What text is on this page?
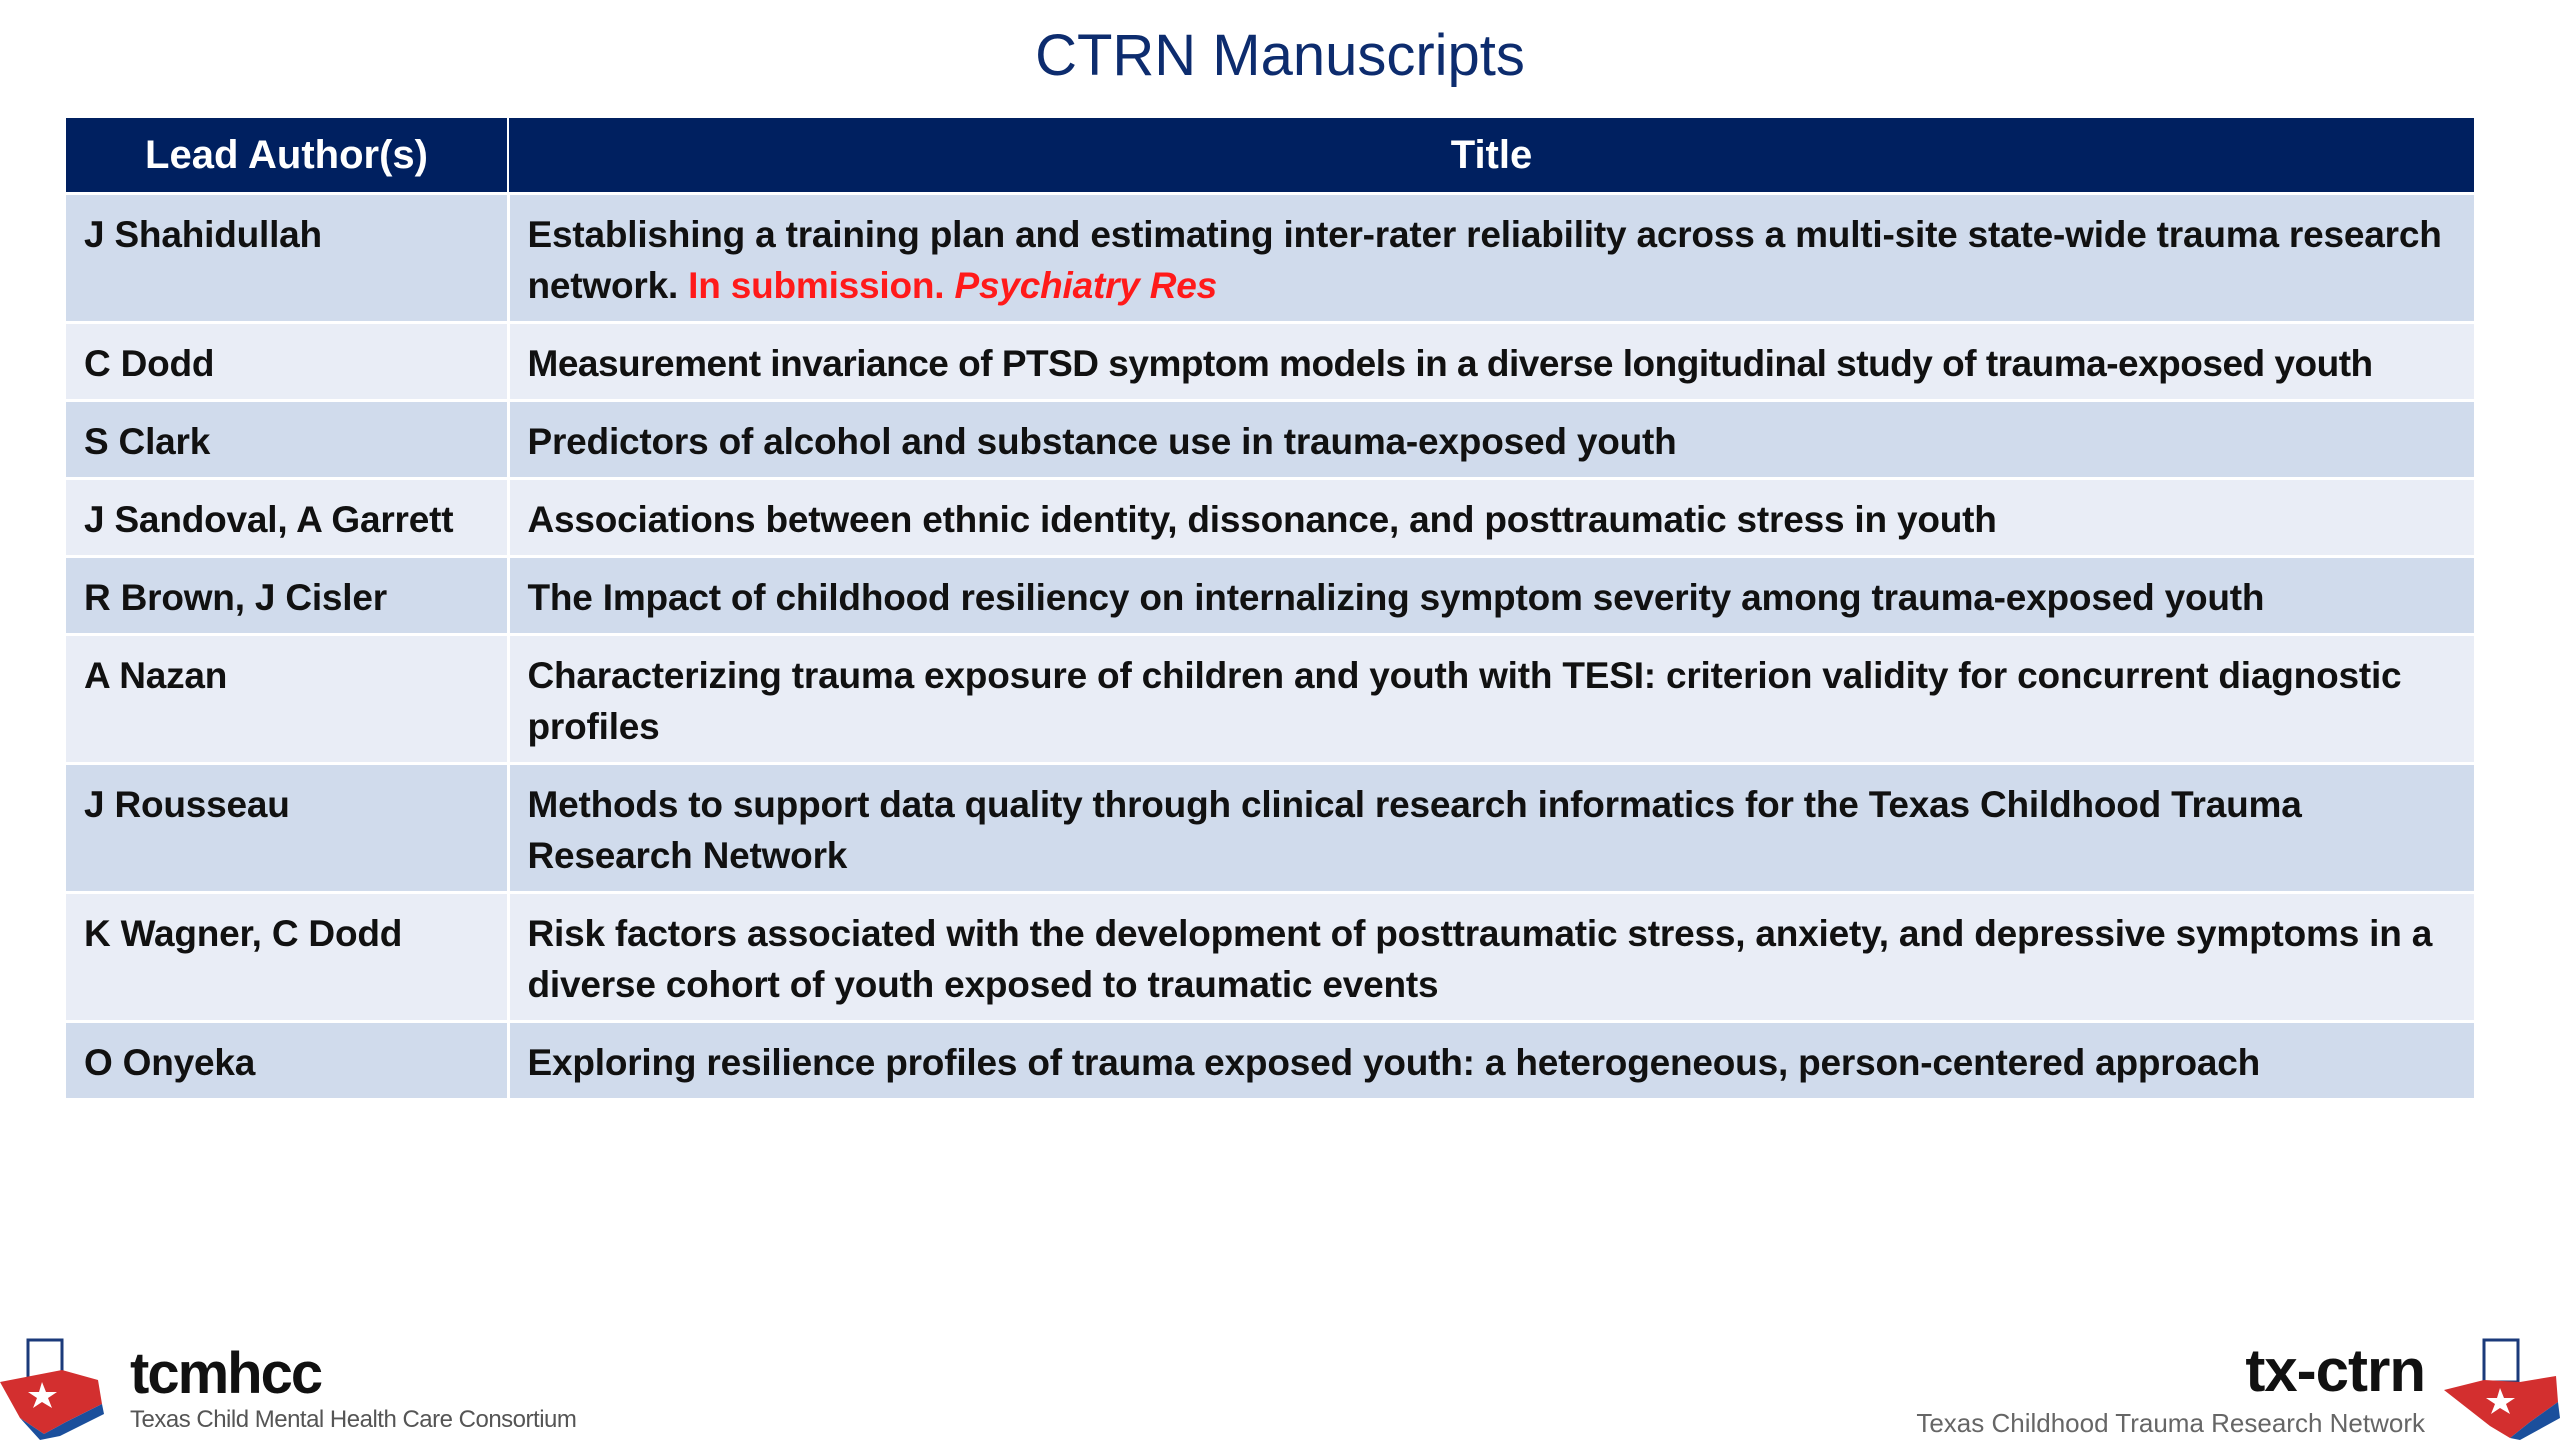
CTRN Manuscripts
Lead Author(s)	Title
J Shahidullah	Establishing a training plan and estimating inter-rater reliability across a multi-site state-wide trauma research network. In submission. Psychiatry Res
C Dodd	Measurement invariance of PTSD symptom models in a diverse longitudinal study of trauma-exposed youth
S Clark	Predictors of alcohol and substance use in trauma-exposed youth
J Sandoval, A Garrett	Associations between ethnic identity, dissonance, and posttraumatic stress in youth
R Brown, J Cisler	The Impact of childhood resiliency on internalizing symptom severity among trauma-exposed youth
A Nazan	Characterizing trauma exposure of children and youth with TESI: criterion validity for concurrent diagnostic profiles
J Rousseau	Methods to support data quality through clinical research informatics for the Texas Childhood Trauma Research Network
K Wagner, C Dodd	Risk factors associated with the development of posttraumatic stress, anxiety, and depressive symptoms in a diverse cohort of youth exposed to traumatic events
O Onyeka	Exploring resilience profiles of trauma exposed youth: a heterogeneous, person-centered approach
tcmhcc
Texas Child Mental Health Care Consortium
tx-ctrn
Texas Childhood Trauma Research Network
